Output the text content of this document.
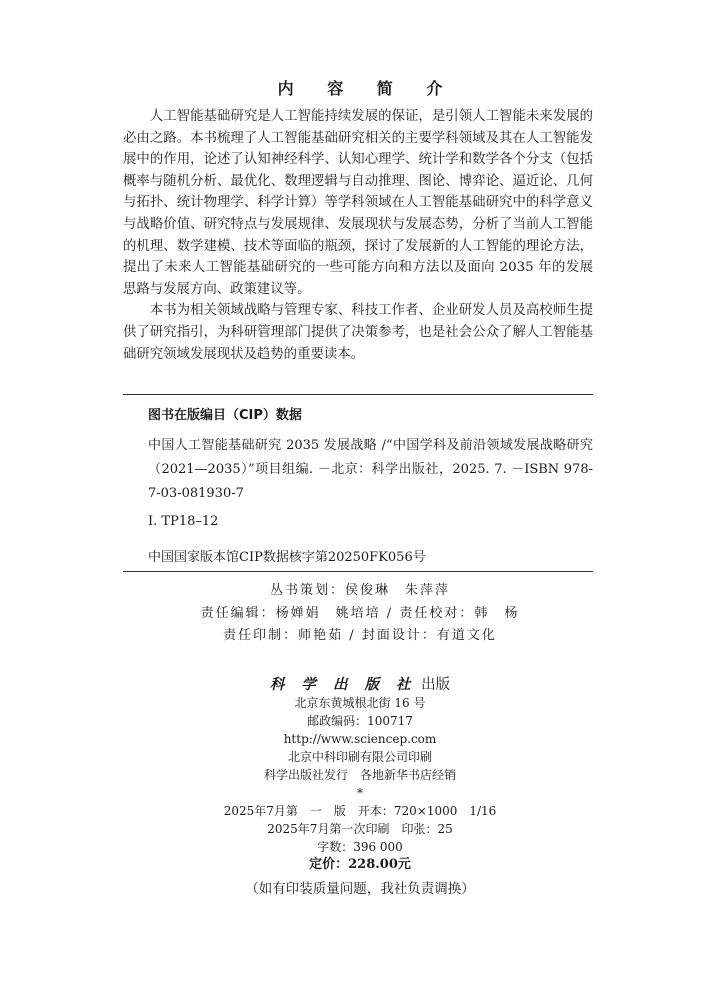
内 容 简 介

人工智能基础研究是人工智能持续发展的保证，是引领人工智能未来发展的必由之路。本书梳理了人工智能基础研究相关的主要学科领域及其在人工智能发展中的作用，论述了认知神经科学、认知心理学、统计学和数学各个分支（包括概率与随机分析、最优化、数理逻辑与自动推理、图论、博弈论、逼近论、几何与拓扑、统计物理学、科学计算）等学科领域在人工智能基础研究中的科学意义与战略价值、研究特点与发展规律、发展现状与发展态势，分析了当前人工智能的机理、数学建模、技术等面临的瓶颈，探讨了发展新的人工智能的理论方法，提出了未来人工智能基础研究的一些可能方向和方法以及面向 2035 年的发展思路与发展方向、政策建议等。

本书为相关领域战略与管理专家、科技工作者、企业研发人员及高校师生提供了研究指引，为科研管理部门提供了决策参考，也是社会公众了解人工智能基础研究领域发展现状及趋势的重要读本。

图书在版编目（CIP）数据
中国人工智能基础研究 2035 发展战略 /“中国学科及前沿领域发展战略研究（2021—2035）”项目组编. －北京：科学出版社，2025. 7. －ISBN 978-7-03-081930-7
Ⅰ. TP18–12
中国国家版本馆CIP数据核字第20250FK056号
丛书策划：侯俊琳　朱萍萍
责任编辑：杨婵娟　姚培培 / 责任校对：韩　杨
责任印制：师艳茹 / 封面设计：有道文化
科 学 出 版 社 出版
北京东黄城根北街 16 号
邮政编码：100717
http://www.sciencep.com
北京中科印刷有限公司印刷
科学出版社发行　各地新华书店经销
*
2025年7月第　一　版　开本：720×1000　1/16
2025年7月第一次印刷　印张：25
字数：396 000
定价：228.00元
（如有印装质量问题，我社负责调换）
